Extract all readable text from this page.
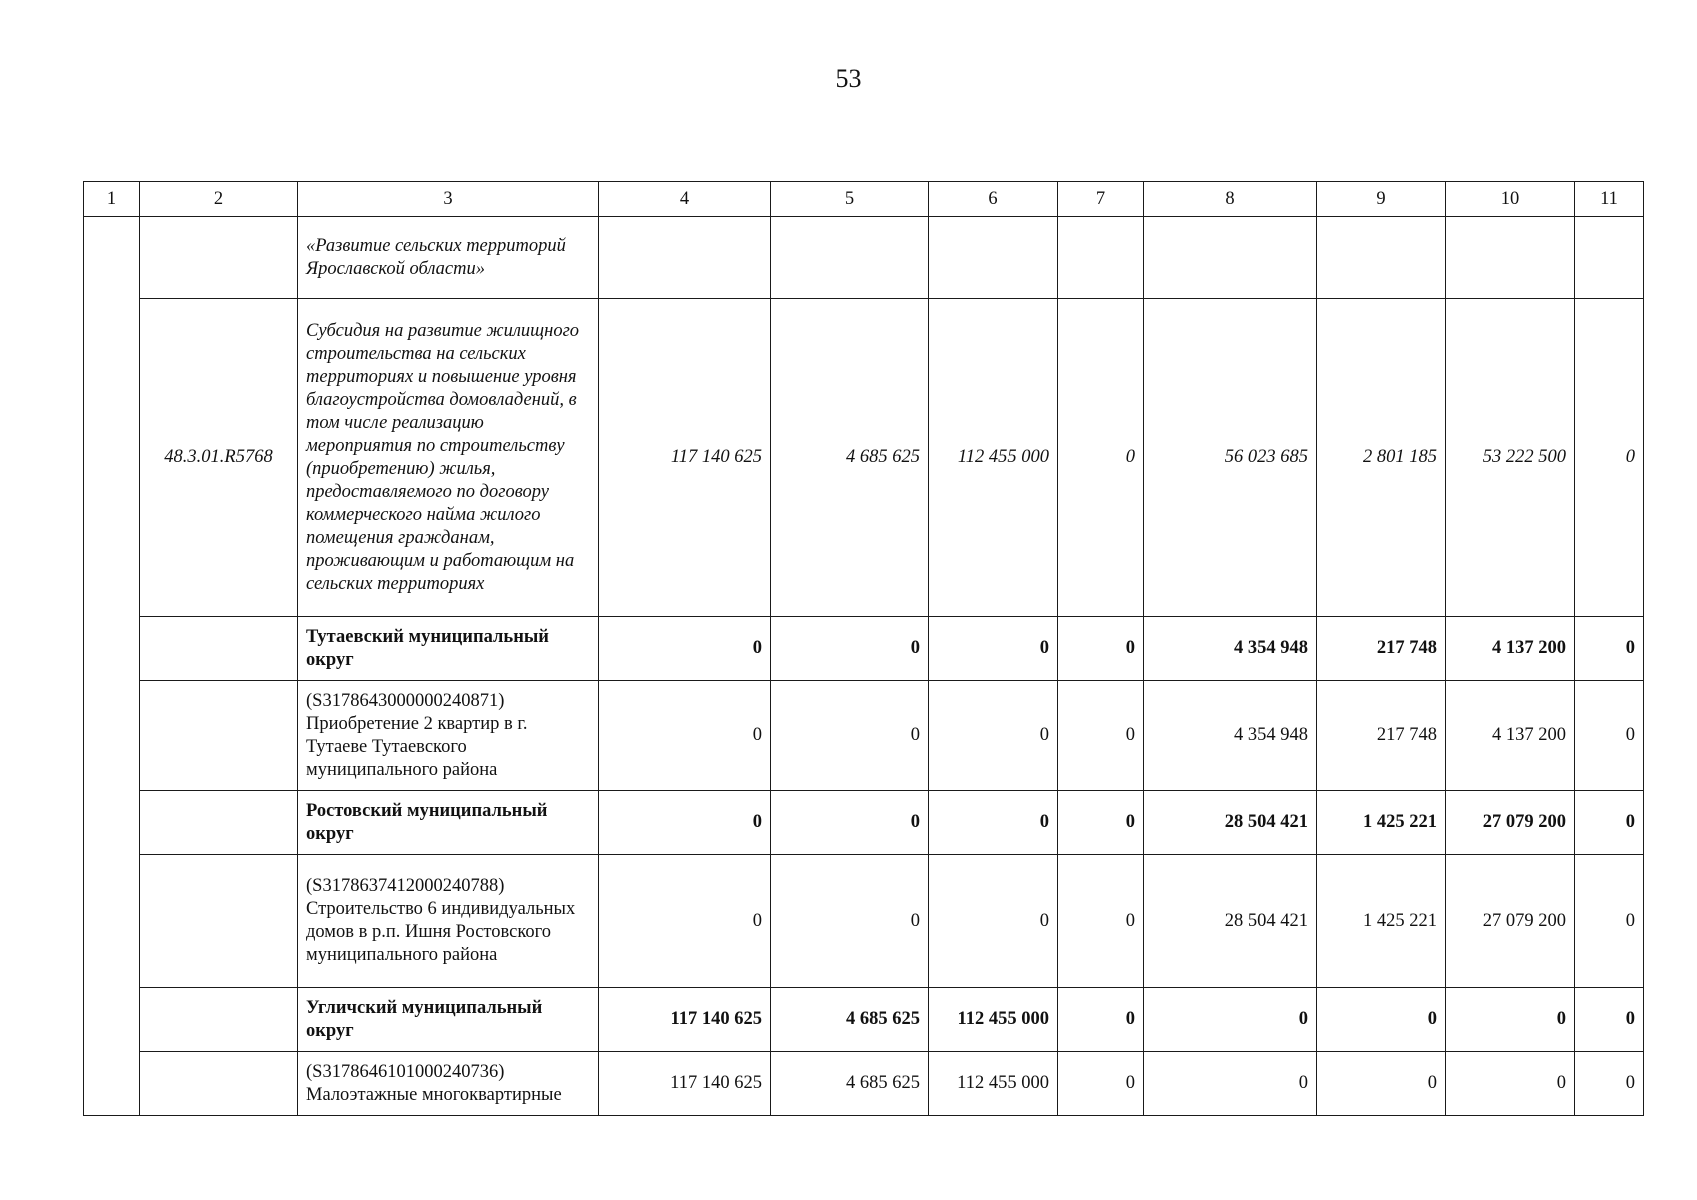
53
1	2	3	4	5	6	7	8	9	10	11
		«Развитие сельских территорий Ярославской области»								
	48.3.01.R5768	Субсидия на развитие жилищного строительства на сельских территориях и повышение уровня благоустройства домовладений, в том числе реализацию мероприятия по строительству (приобретению) жилья, предоставляемого по договору коммерческого найма жилого помещения гражданам, проживающим и работающим на сельских территориях	117 140 625	4 685 625	112 455 000	0	56 023 685	2 801 185	53 222 500	0
		Тутаевский муниципальный округ	0	0	0	0	4 354 948	217 748	4 137 200	0
		(S3178643000000240871) Приобретение 2 квартир в г. Тутаеве Тутаевского муниципального района	0	0	0	0	4 354 948	217 748	4 137 200	0
		Ростовский муниципальный округ	0	0	0	0	28 504 421	1 425 221	27 079 200	0
		(S3178637412000240788) Строительство 6 индивидуальных домов в р.п. Ишня Ростовского муниципального района	0	0	0	0	28 504 421	1 425 221	27 079 200	0
		Угличский муниципальный округ	117 140 625	4 685 625	112 455 000	0	0	0	0	0
		(S3178646101000240736) Малоэтажные многоквартирные	117 140 625	4 685 625	112 455 000	0	0	0	0	0
